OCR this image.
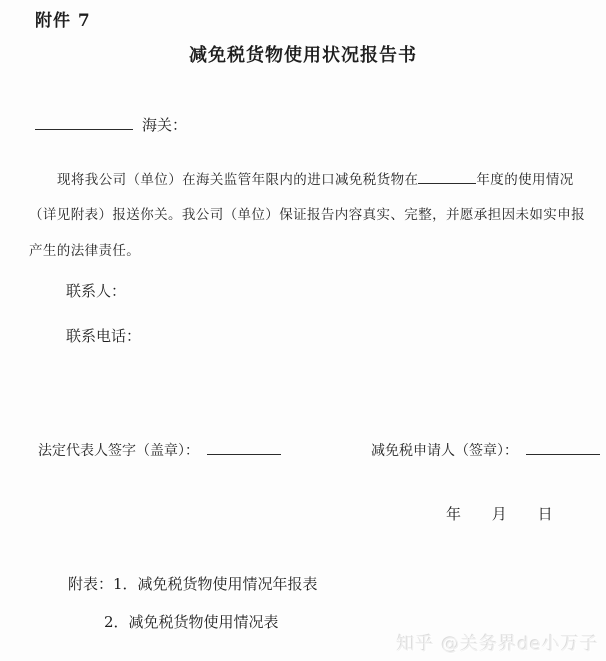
附件 7
减免税货物使用状况报告书
海关：
现将我公司（单位）在海关监管年限内的进口减免税货物在	年度的使用情况
（详见附表）报送你关。我公司（单位）保证报告内容真实、完整，并愿承担因未如实申报
产生的法律责任。
联系人：
联系电话：
法定代表人签字（盖章）：	减免税申请人（签章）：
年 月 日
附表：1．减免税货物使用情况年报表
2．减免税货物使用情况表
知乎 @关务界de小万子
